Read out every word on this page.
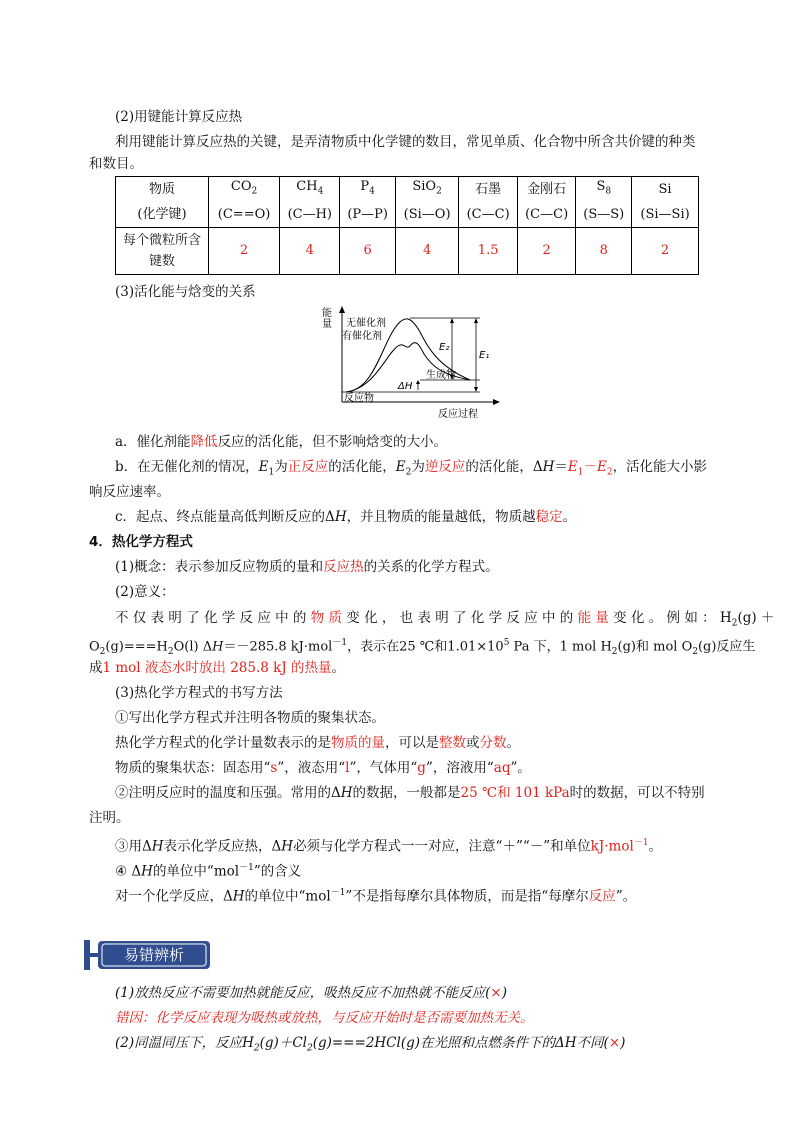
(2)用键能计算反应热
利用键能计算反应热的关键，是弄清物质中化学键的数目，常见单质、化合物中所含共价键的种类
和数目。
物质	$CO_2$	$CH_4$	$P_4$	SiO$_2$	石墨	金刚石	$S_8$	Si
(化学键)	(C==O)	(C—H)	(P—P)	(Si—O)	(C—C)	(C—C)	(S—S)	(Si—Si)
每个微粒所含
键数	2	4	6	4	1.5	2	8	2
(3)活化能与焓变的关系
能
量
E₂
E₁
ΔH
无催化剂
有催化剂
生成物
反应物
反应过程
a．催化剂能降低反应的活化能，但不影响焓变的大小。
b．在无催化剂的情况，$E_1$为正反应的活化能，$E_2$为逆反应的活化能，$\Delta H=E_1-E_2$，活化能大小影
响反应速率。
c．起点、终点能量高低判断反应的ΔH，并且物质的能量越低，物质越稳定。
4．热化学方程式
(1)概念：表示参加反应物质的量和反应热的关系的化学方程式。
(2)意义：
不 仅 表 明 了 化 学 反 应 中 的 物 质 变 化 ， 也 表 明 了 化 学 反 应 中 的 能 量 变 化 。 例 如 ： $H_2(g)$ ＋
$O_2(g)===H_2O(l)$ ΔH＝－285.8 kJ·mol$^{-1}$，表示在25 ℃和$1.01\times 10^5$ Pa 下，1 mol $H_2(g)$和 mol $O_2(g)$反应生
成1 mol 液态水时放出 285.8 kJ 的热量。
(3)热化学方程式的书写方法
①写出化学方程式并注明各物质的聚集状态。
热化学方程式的化学计量数表示的是物质的量，可以是整数或分数。
物质的聚集状态：固态用“s”，液态用“l”，气体用“g”，溶液用“aq”。
②注明反应时的温度和压强。常用的ΔH的数据，一般都是25 ℃和 101 kPa时的数据，可以不特别
注明。
③用ΔH表示化学反应热，ΔH必须与化学方程式一一对应，注意“＋”“－”和单位kJ·mol$^{-1}$。
④ ΔH的单位中“mol$^{-1}$”的含义
对一个化学反应，ΔH的单位中“mol$^{-1}$”不是指每摩尔具体物质，而是指“每摩尔反应”。
易错辨析
(1)放热反应不需要加热就能反应，吸热反应不加热就不能反应(×)
错因：化学反应表现为吸热或放热，与反应开始时是否需要加热无关。
(2)同温同压下，反应$H_2(g)+Cl_2(g)===2HCl(g)$在光照和点燃条件下的ΔH不同(×)
